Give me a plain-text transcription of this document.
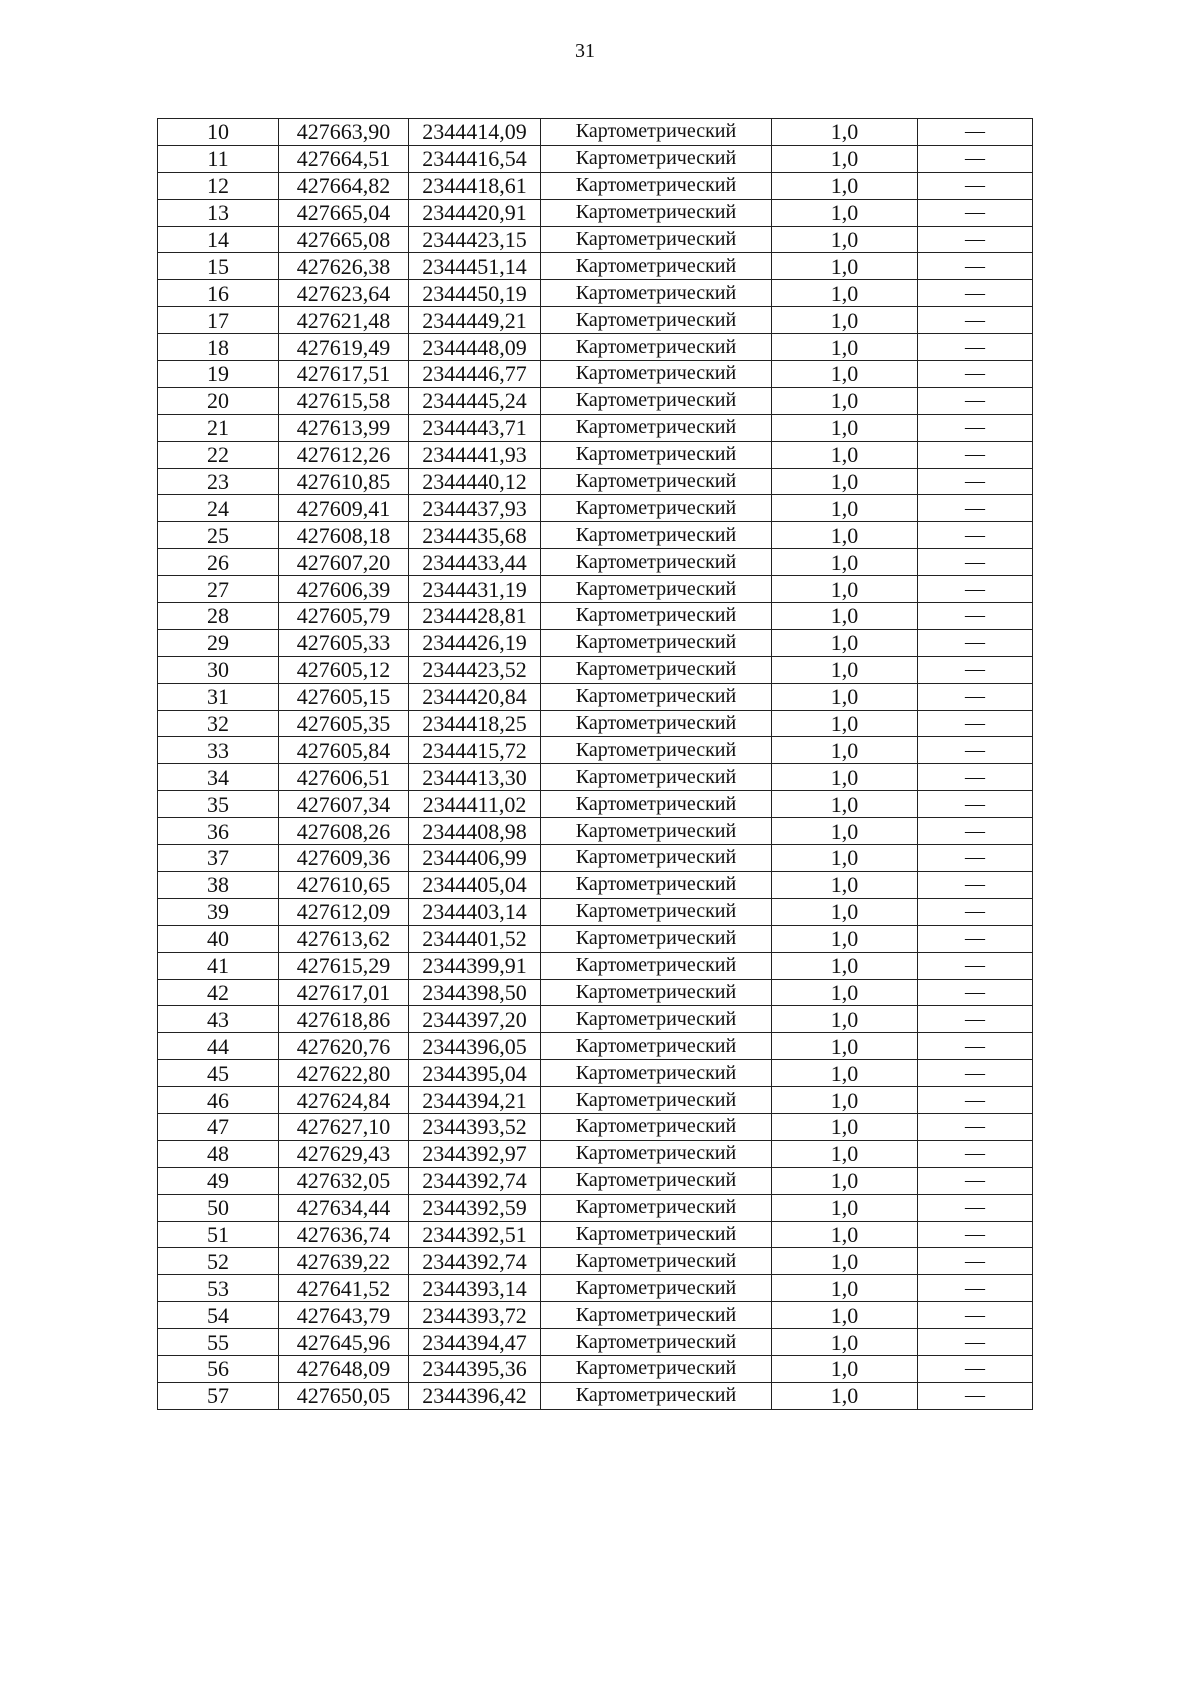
31
10	427663,90	2344414,09	Картометрический	1,0	—
11	427664,51	2344416,54	Картометрический	1,0	—
12	427664,82	2344418,61	Картометрический	1,0	—
13	427665,04	2344420,91	Картометрический	1,0	—
14	427665,08	2344423,15	Картометрический	1,0	—
15	427626,38	2344451,14	Картометрический	1,0	—
16	427623,64	2344450,19	Картометрический	1,0	—
17	427621,48	2344449,21	Картометрический	1,0	—
18	427619,49	2344448,09	Картометрический	1,0	—
19	427617,51	2344446,77	Картометрический	1,0	—
20	427615,58	2344445,24	Картометрический	1,0	—
21	427613,99	2344443,71	Картометрический	1,0	—
22	427612,26	2344441,93	Картометрический	1,0	—
23	427610,85	2344440,12	Картометрический	1,0	—
24	427609,41	2344437,93	Картометрический	1,0	—
25	427608,18	2344435,68	Картометрический	1,0	—
26	427607,20	2344433,44	Картометрический	1,0	—
27	427606,39	2344431,19	Картометрический	1,0	—
28	427605,79	2344428,81	Картометрический	1,0	—
29	427605,33	2344426,19	Картометрический	1,0	—
30	427605,12	2344423,52	Картометрический	1,0	—
31	427605,15	2344420,84	Картометрический	1,0	—
32	427605,35	2344418,25	Картометрический	1,0	—
33	427605,84	2344415,72	Картометрический	1,0	—
34	427606,51	2344413,30	Картометрический	1,0	—
35	427607,34	2344411,02	Картометрический	1,0	—
36	427608,26	2344408,98	Картометрический	1,0	—
37	427609,36	2344406,99	Картометрический	1,0	—
38	427610,65	2344405,04	Картометрический	1,0	—
39	427612,09	2344403,14	Картометрический	1,0	—
40	427613,62	2344401,52	Картометрический	1,0	—
41	427615,29	2344399,91	Картометрический	1,0	—
42	427617,01	2344398,50	Картометрический	1,0	—
43	427618,86	2344397,20	Картометрический	1,0	—
44	427620,76	2344396,05	Картометрический	1,0	—
45	427622,80	2344395,04	Картометрический	1,0	—
46	427624,84	2344394,21	Картометрический	1,0	—
47	427627,10	2344393,52	Картометрический	1,0	—
48	427629,43	2344392,97	Картометрический	1,0	—
49	427632,05	2344392,74	Картометрический	1,0	—
50	427634,44	2344392,59	Картометрический	1,0	—
51	427636,74	2344392,51	Картометрический	1,0	—
52	427639,22	2344392,74	Картометрический	1,0	—
53	427641,52	2344393,14	Картометрический	1,0	—
54	427643,79	2344393,72	Картометрический	1,0	—
55	427645,96	2344394,47	Картометрический	1,0	—
56	427648,09	2344395,36	Картометрический	1,0	—
57	427650,05	2344396,42	Картометрический	1,0	—
